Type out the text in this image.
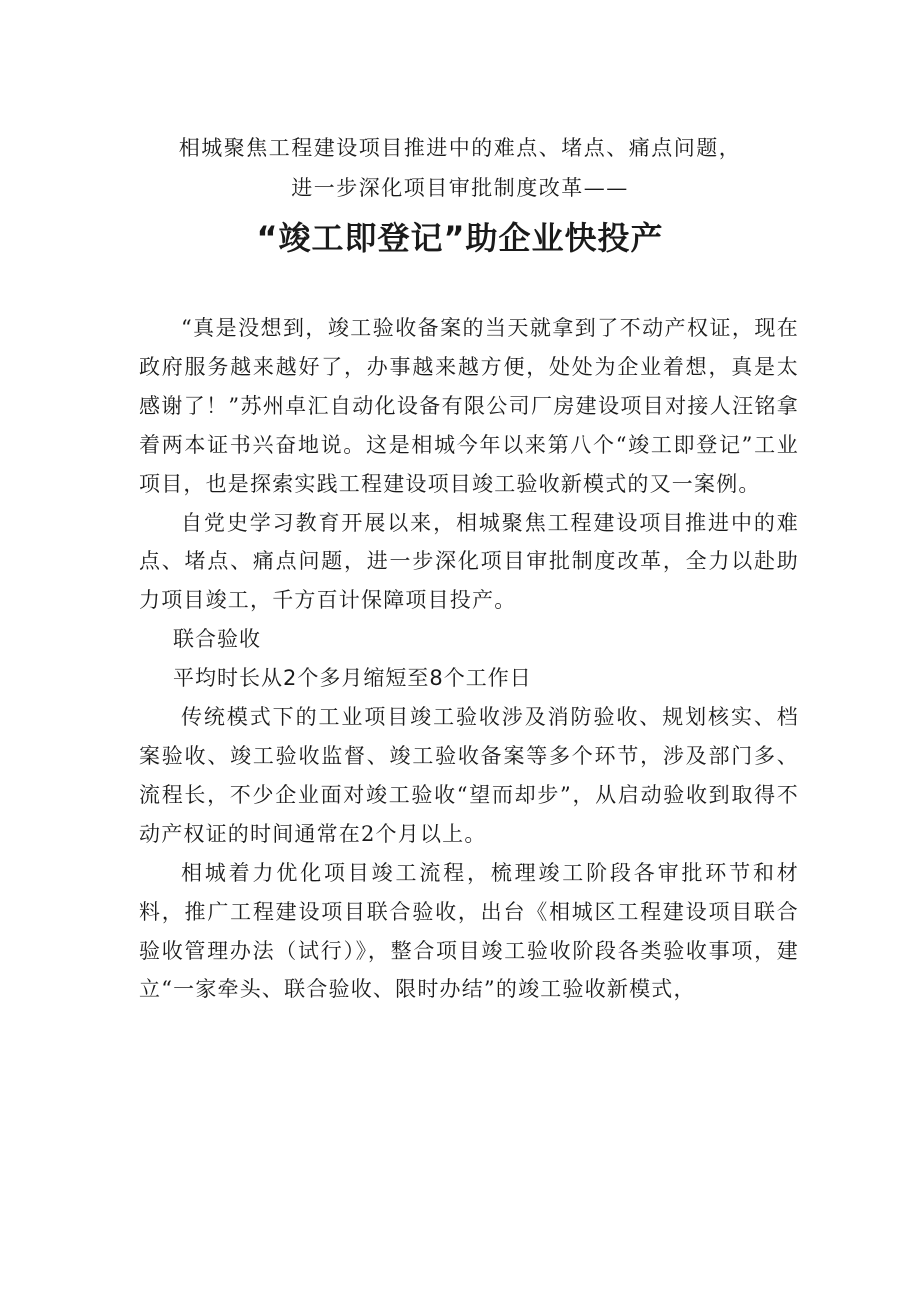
相城聚焦工程建设项目推进中的难点、堵点、痛点问题，

进一步深化项目审批制度改革——

“竣工即登记”助企业快投产

“真是没想到，竣工验收备案的当天就拿到了不动产权证，现在政府服务越来越好了，办事越来越方便，处处为企业着想，真是太感谢了！”苏州卓汇自动化设备有限公司厂房建设项目对接人汪铭拿着两本证书兴奋地说。这是相城今年以来第八个“竣工即登记”工业项目，也是探索实践工程建设项目竣工验收新模式的又一案例。

自党史学习教育开展以来，相城聚焦工程建设项目推进中的难点、堵点、痛点问题，进一步深化项目审批制度改革，全力以赴助力项目竣工，千方百计保障项目投产。

联合验收

平均时长从2个多月缩短至8个工作日

传统模式下的工业项目竣工验收涉及消防验收、规划核实、档案验收、竣工验收监督、竣工验收备案等多个环节，涉及部门多、流程长，不少企业面对竣工验收“望而却步”，从启动验收到取得不动产权证的时间通常在2个月以上。

相城着力优化项目竣工流程，梳理竣工阶段各审批环节和材料，推广工程建设项目联合验收，出台《相城区工程建设项目联合验收管理办法（试行）》，整合项目竣工验收阶段各类验收事项，建立“一家牵头、联合验收、限时办结”的竣工验收新模式，
